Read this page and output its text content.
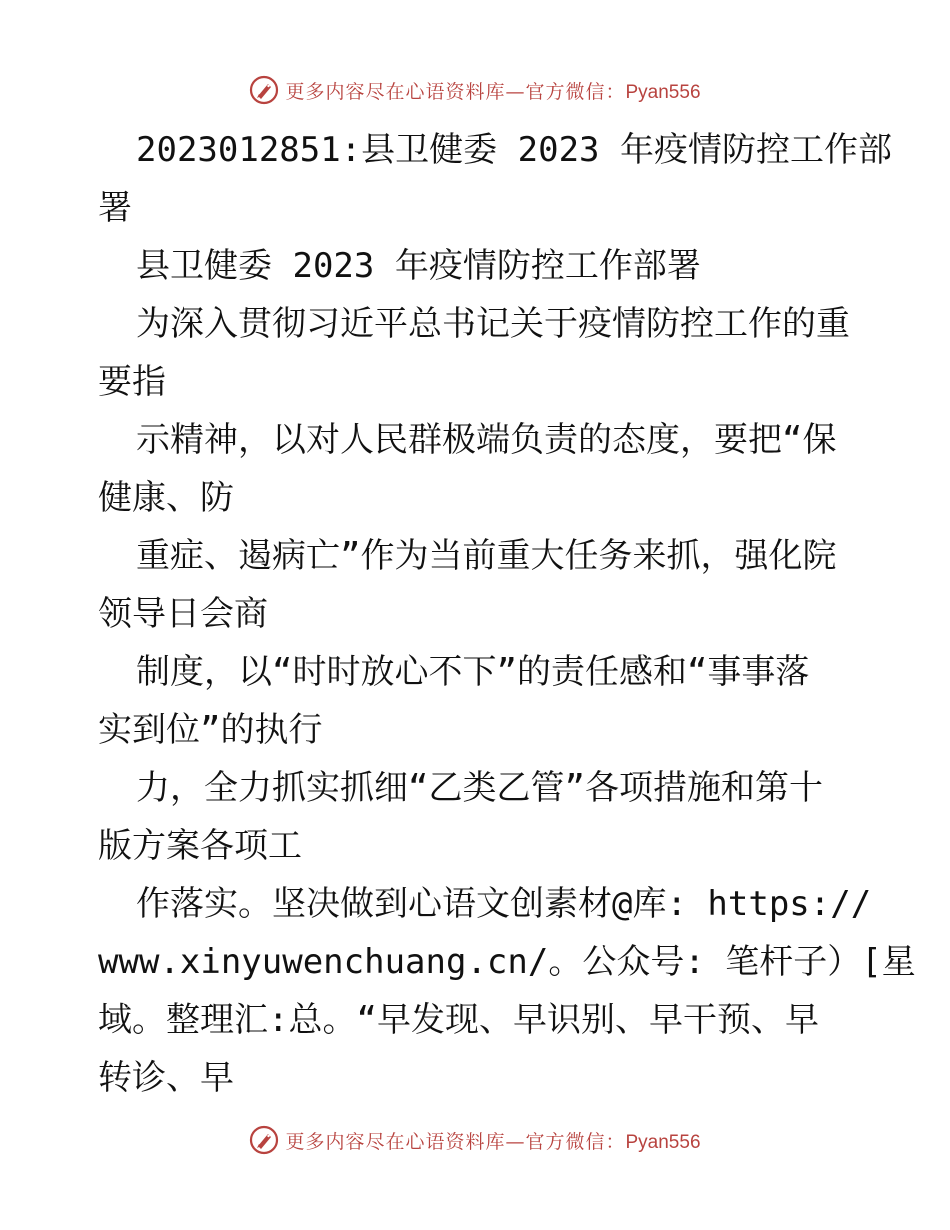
更多内容尽在心语资料库—官方微信：Pyan556
2023012851:县卫健委 2023 年疫情防控工作部
署
县卫健委 2023 年疫情防控工作部署
为深入贯彻习近平总书记关于疫情防控工作的重
要指
示精神，以对人民群极端负责的态度，要把“保
健康、防
重症、遏病亡”作为当前重大任务来抓，强化院
领导日会商
制度，以“时时放心不下”的责任感和“事事落
实到位”的执行
力，全力抓实抓细“乙类乙管”各项措施和第十
版方案各项工
作落实。坚决做到心语文创素材@库: https://
www.xinyuwenchuang.cn/。公众号: 笔杆子）[星
域。整理汇:总。“早发现、早识别、早干预、早
转诊、早
更多内容尽在心语资料库—官方微信：Pyan556
